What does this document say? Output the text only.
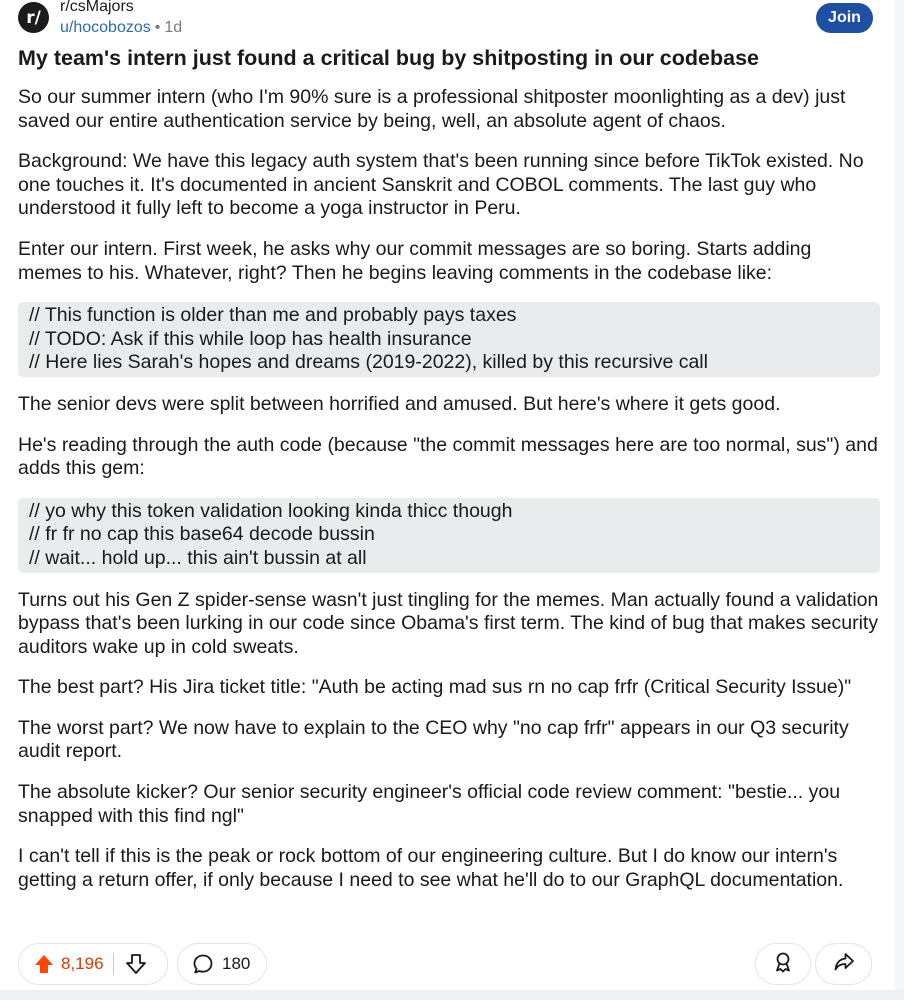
r/
r/csMajors
u/hocobozos • 1d
Join
My team's intern just found a critical bug by shitposting in our codebase

So our summer intern (who I'm 90% sure is a professional shitposter moonlighting as a dev) just saved our entire authentication service by being, well, an absolute agent of chaos.

Background: We have this legacy auth system that's been running since before TikTok existed. No one touches it. It's documented in ancient Sanskrit and COBOL comments. The last guy who understood it fully left to become a yoga instructor in Peru.

Enter our intern. First week, he asks why our commit messages are so boring. Starts adding memes to his. Whatever, right? Then he begins leaving comments in the codebase like:

// This function is older than me and probably pays taxes
// TODO: Ask if this while loop has health insurance
// Here lies Sarah's hopes and dreams (2019-2022), killed by this recursive call

The senior devs were split between horrified and amused. But here's where it gets good.

He's reading through the auth code (because "the commit messages here are too normal, sus") and adds this gem:

// yo why this token validation looking kinda thicc though
// fr fr no cap this base64 decode bussin
// wait... hold up... this ain't bussin at all

Turns out his Gen Z spider-sense wasn't just tingling for the memes. Man actually found a validation bypass that's been lurking in our code since Obama's first term. The kind of bug that makes security auditors wake up in cold sweats.

The best part? His Jira ticket title: "Auth be acting mad sus rn no cap frfr (Critical Security Issue)"

The worst part? We now have to explain to the CEO why "no cap frfr" appears in our Q3 security audit report.

The absolute kicker? Our senior security engineer's official code review comment: "bestie... you snapped with this find ngl"

I can't tell if this is the peak or rock bottom of our engineering culture. But I do know our intern's getting a return offer, if only because I need to see what he'll do to our GraphQL documentation.

8,196	180
